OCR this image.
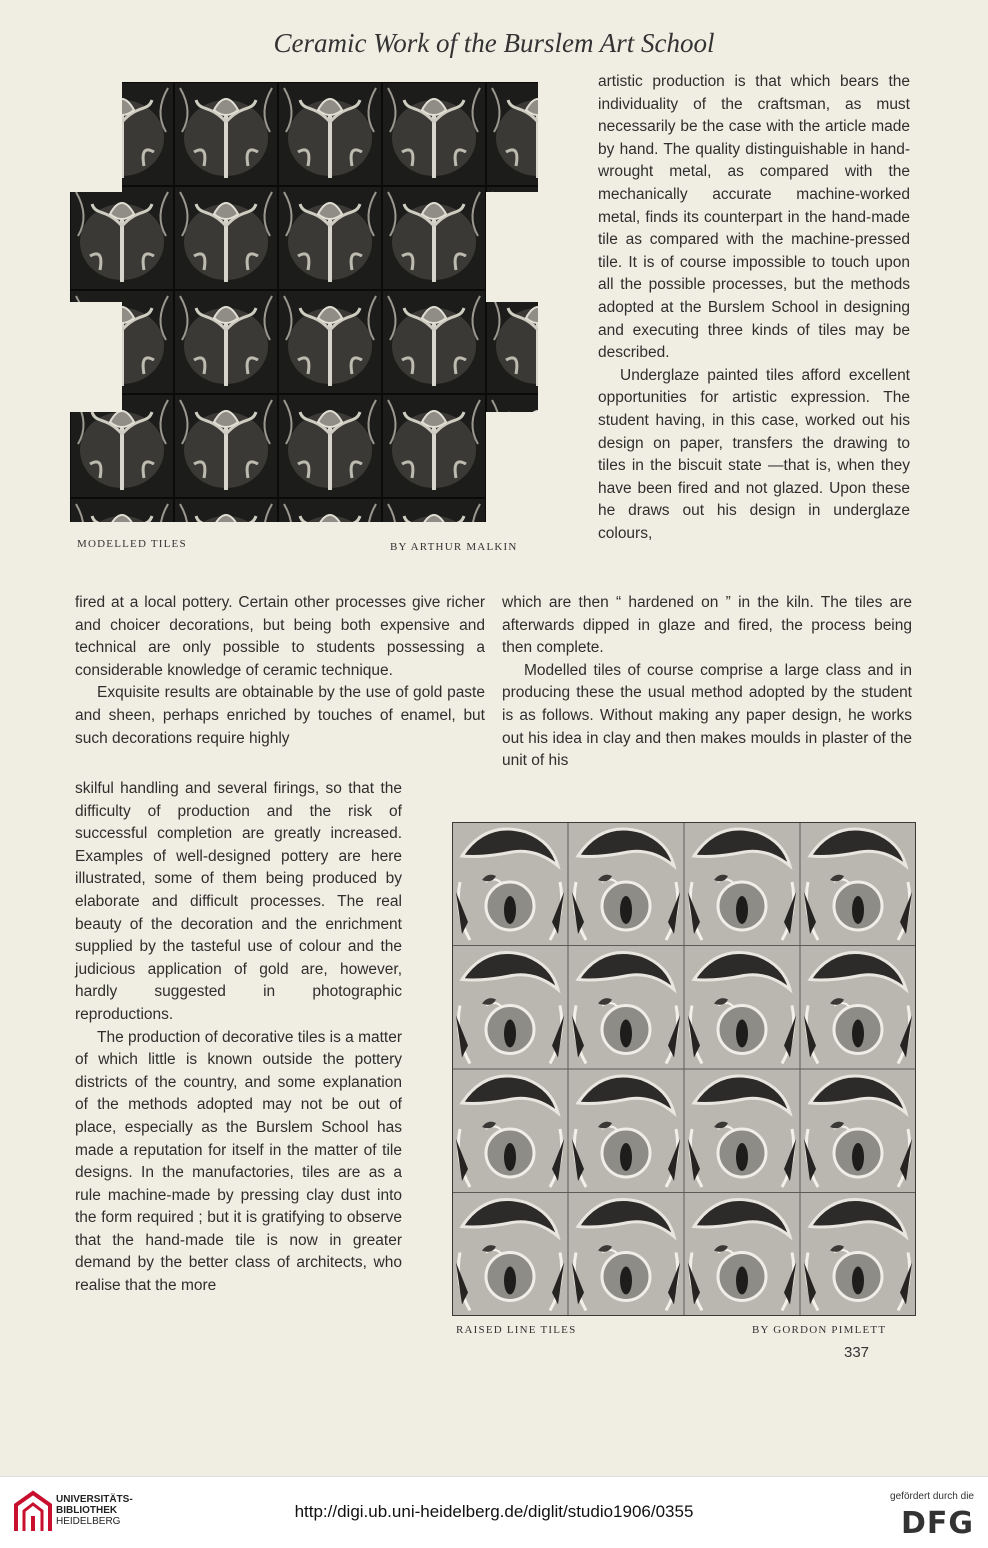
Ceramic Work of the Burslem Art School
MODELLED TILES	BY ARTHUR MALKIN

artistic production is that which bears the individuality of the craftsman, as must necessarily be the case with the article made by hand. The quality distinguishable in hand-wrought metal, as compared with the mechanically accurate machine-worked metal, finds its counterpart in the hand-made tile as compared with the machine-pressed tile. It is of course impossible to touch upon all the possible processes, but the methods adopted at the Burslem School in designing and executing three kinds of tiles may be described.

Underglaze painted tiles afford excellent opportunities for artistic expression. The student having, in this case, worked out his design on paper, transfers the drawing to tiles in the biscuit state —that is, when they have been fired and not glazed. Upon these he draws out his design in underglaze colours,

fired at a local pottery. Certain other processes give richer and choicer decorations, but being both expensive and technical are only possible to students possessing a considerable knowledge of ceramic technique.

Exquisite results are obtainable by the use of gold paste and sheen, perhaps enriched by touches of enamel, but such decorations require highly

which are then “ hardened on ” in the kiln. The tiles are afterwards dipped in glaze and fired, the process being then complete.

Modelled tiles of course comprise a large class and in producing these the usual method adopted by the student is as follows. Without making any paper design, he works out his idea in clay and then makes moulds in plaster of the unit of his

skilful handling and several firings, so that the difficulty of production and the risk of successful completion are greatly increased. Examples of well-designed pottery are here illustrated, some of them being produced by elaborate and difficult processes. The real beauty of the decoration and the enrichment supplied by the tasteful use of colour and the judicious application of gold are, however, hardly suggested in photographic reproductions.

The production of decorative tiles is a matter of which little is known outside the pottery districts of the country, and some explanation of the methods adopted may not be out of place, especially as the Burslem School has made a reputation for itself in the matter of tile designs. In the manufactories, tiles are as a rule machine-made by pressing clay dust into the form required ; but it is gratifying to observe that the hand-made tile is now in greater demand by the better class of architects, who realise that the more

RAISED LINE TILES	BY GORDON PIMLETT
337
UNIVERSITÄTS-
BIBLIOTHEK
HEIDELBERG
http://digi.ub.uni-heidelberg.de/diglit/studio1906/0355
gefördert durch die
DFG
